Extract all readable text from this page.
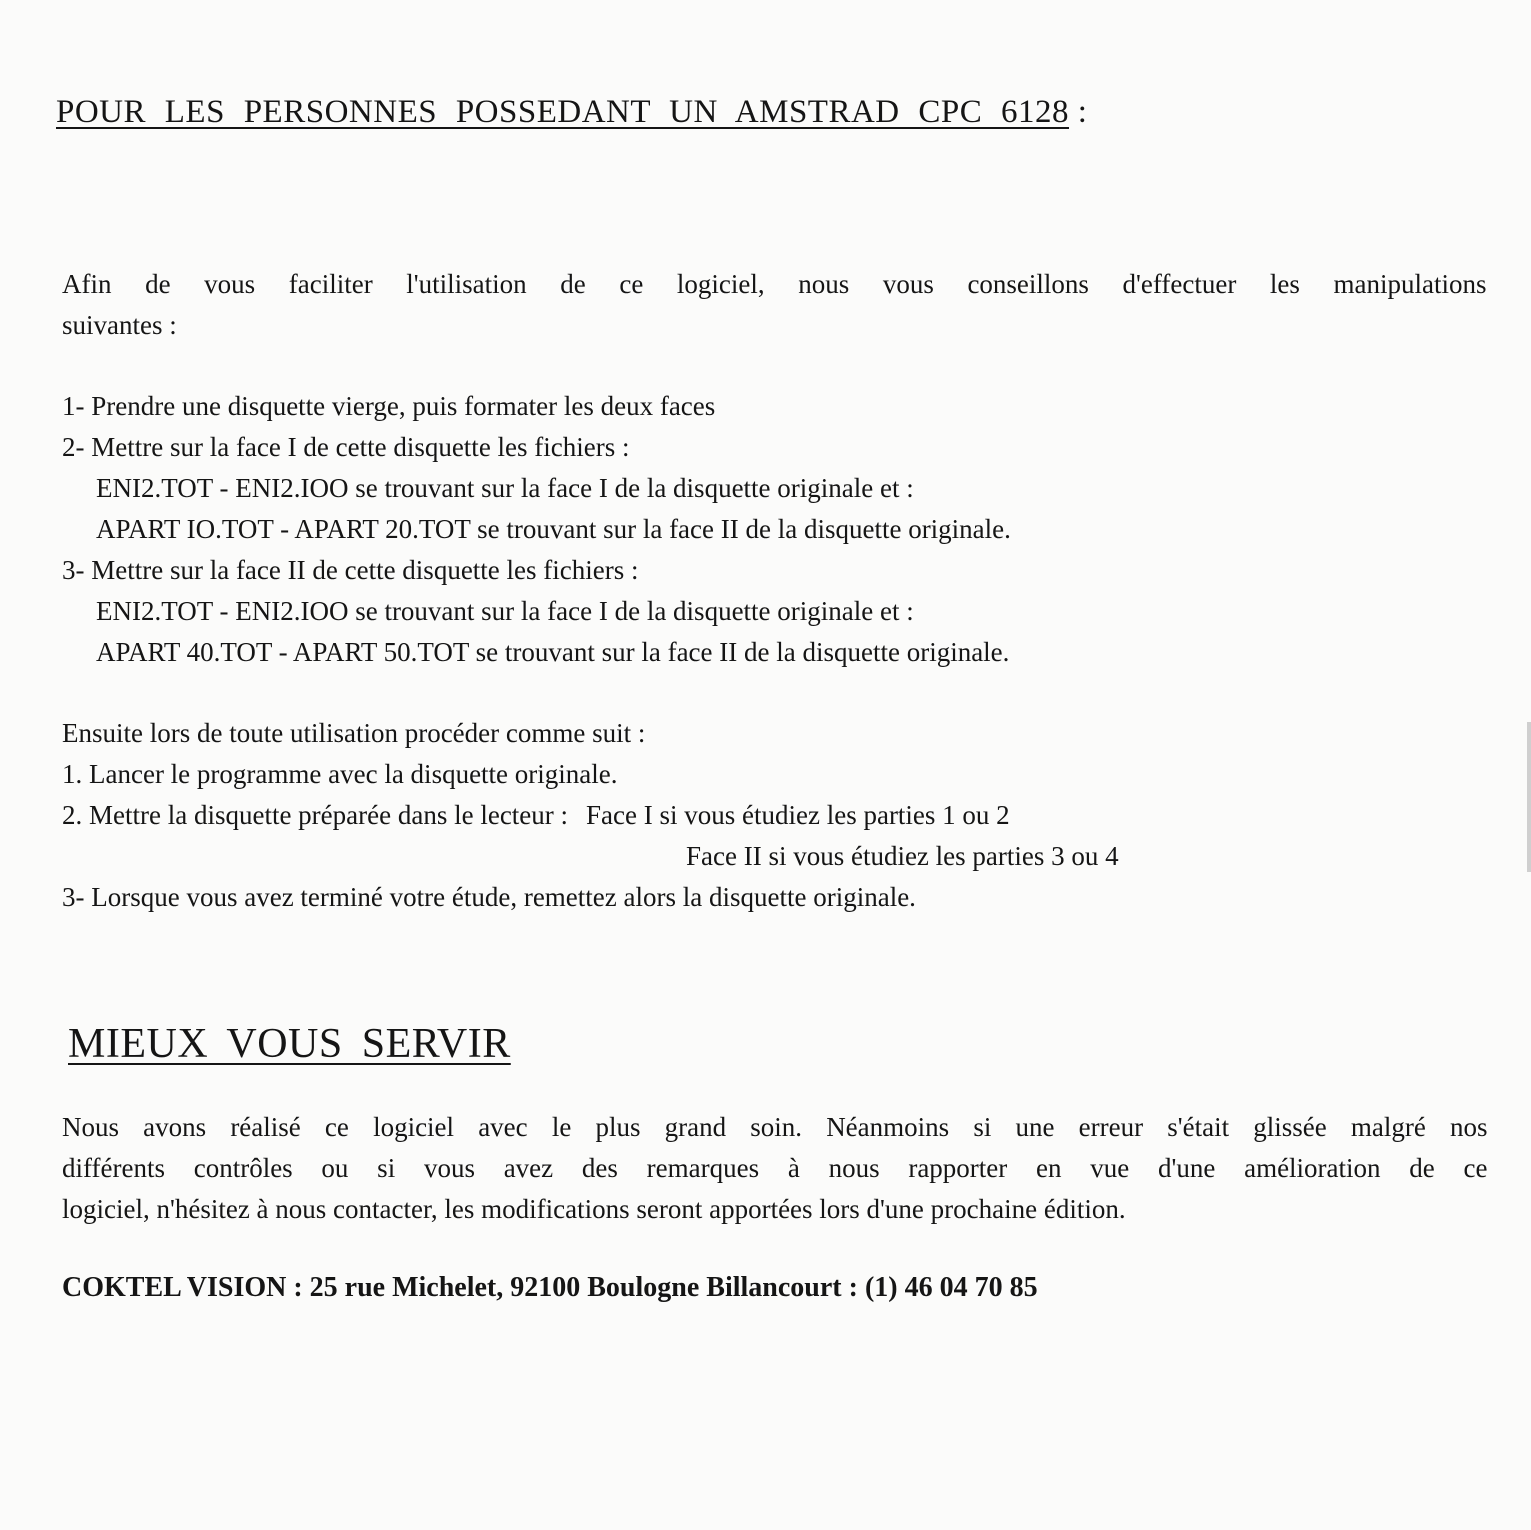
POUR LES PERSONNES POSSEDANT UN AMSTRAD CPC 6128 :
Afin de vous faciliter l'utilisation de ce logiciel, nous vous conseillons d'effectuer les manipulations
suivantes :
1- Prendre une disquette vierge, puis formater les deux faces
2- Mettre sur la face I de cette disquette les fichiers :
ENI2.TOT - ENI2.IOO se trouvant sur la face I de la disquette originale et :
APART IO.TOT - APART 20.TOT se trouvant sur la face II de la disquette originale.
3- Mettre sur la face II de cette disquette les fichiers :
ENI2.TOT - ENI2.IOO se trouvant sur la face I de la disquette originale et :
APART 40.TOT - APART 50.TOT se trouvant sur la face II de la disquette originale.
Ensuite lors de toute utilisation procéder comme suit :
1. Lancer le programme avec la disquette originale.
2. Mettre la disquette préparée dans le lecteur : Face I si vous étudiez les parties 1 ou 2
Face II si vous étudiez les parties 3 ou 4
3- Lorsque vous avez terminé votre étude, remettez alors la disquette originale.
MIEUX VOUS SERVIR
Nous avons réalisé ce logiciel avec le plus grand soin. Néanmoins si une erreur s'était glissée malgré nos
différents contrôles ou si vous avez des remarques à nous rapporter en vue d'une amélioration de ce
logiciel, n'hésitez à nous contacter, les modifications seront apportées lors d'une prochaine édition.
COKTEL VISION : 25 rue Michelet, 92100 Boulogne Billancourt : (1) 46 04 70 85
